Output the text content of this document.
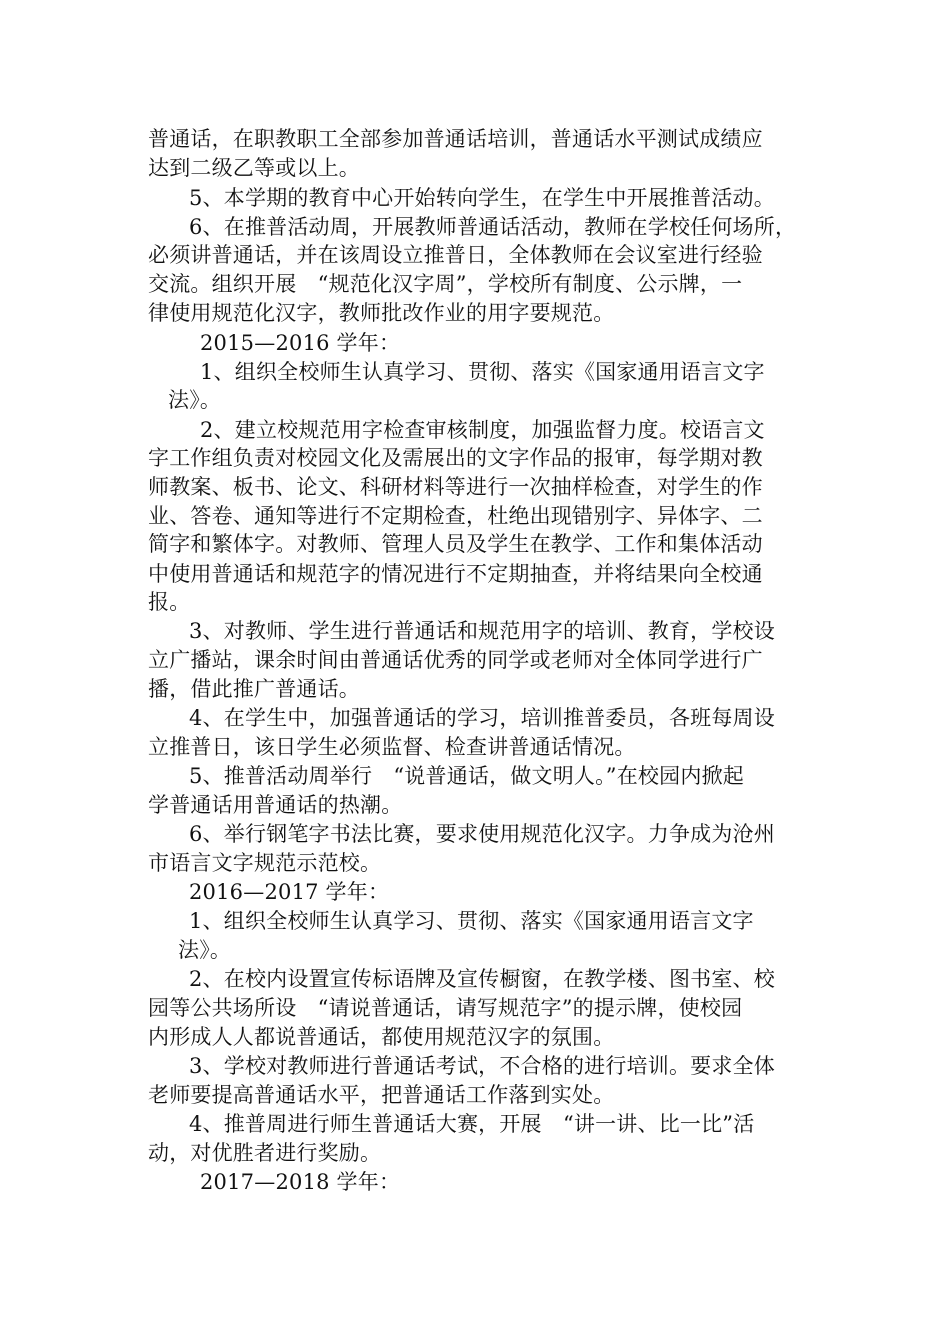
普通话，在职教职工全部参加普通话培训，普通话水平测试成绩应

达到二级乙等或以上。

5、本学期的教育中心开始转向学生，在学生中开展推普活动。

6、在推普活动周，开展教师普通话活动，教师在学校任何场所，

必须讲普通话，并在该周设立推普日，全体教师在会议室进行经验

交流。组织开展　“规范化汉字周”，学校所有制度、公示牌，一

律使用规范化汉字，教师批改作业的用字要规范。

2015—2016 学年：

1、组织全校师生认真学习、贯彻、落实《国家通用语言文字

法》。

2、建立校规范用字检查审核制度，加强监督力度。校语言文

字工作组负责对校园文化及需展出的文字作品的报审，每学期对教

师教案、板书、论文、科研材料等进行一次抽样检查，对学生的作

业、答卷、通知等进行不定期检查，杜绝出现错别字、异体字、二

简字和繁体字。对教师、管理人员及学生在教学、工作和集体活动

中使用普通话和规范字的情况进行不定期抽查，并将结果向全校通

报。

3、对教师、学生进行普通话和规范用字的培训、教育，学校设

立广播站，课余时间由普通话优秀的同学或老师对全体同学进行广

播，借此推广普通话。

4、在学生中，加强普通话的学习，培训推普委员，各班每周设

立推普日，该日学生必须监督、检查讲普通话情况。

5、推普活动周举行　“说普通话，做文明人。”在校园内掀起

学普通话用普通话的热潮。

6、举行钢笔字书法比赛，要求使用规范化汉字。力争成为沧州

市语言文字规范示范校。

2016—2017 学年：

1、组织全校师生认真学习、贯彻、落实《国家通用语言文字

法》。

2、在校内设置宣传标语牌及宣传橱窗，在教学楼、图书室、校

园等公共场所设　“请说普通话，请写规范字”的提示牌，使校园

内形成人人都说普通话，都使用规范汉字的氛围。

3、学校对教师进行普通话考试，不合格的进行培训。要求全体

老师要提高普通话水平，把普通话工作落到实处。

4、推普周进行师生普通话大赛，开展　“讲一讲、比一比”活

动，对优胜者进行奖励。

2017—2018 学年：
